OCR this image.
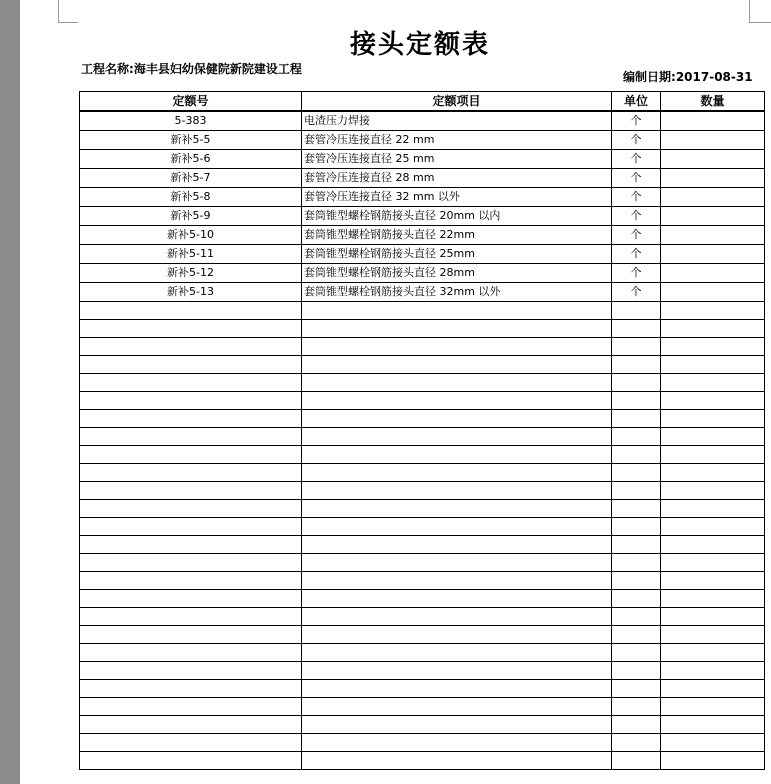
接头定额表
工程名称:海丰县妇幼保健院新院建设工程
编制日期:2017-08-31
定额号	定额项目	单位	数量
5-383	电渣压力焊接	个	
新补5-5	套管冷压连接直径 22 mm	个	
新补5-6	套管冷压连接直径 25 mm	个	
新补5-7	套管冷压连接直径 28 mm	个	
新补5-8	套管冷压连接直径 32 mm 以外	个	
新补5-9	套筒锥型螺栓钢筋接头直径 20mm 以内	个	
新补5-10	套筒锥型螺栓钢筋接头直径 22mm	个	
新补5-11	套筒锥型螺栓钢筋接头直径 25mm	个	
新补5-12	套筒锥型螺栓钢筋接头直径 28mm	个	
新补5-13	套筒锥型螺栓钢筋接头直径 32mm 以外	个	
